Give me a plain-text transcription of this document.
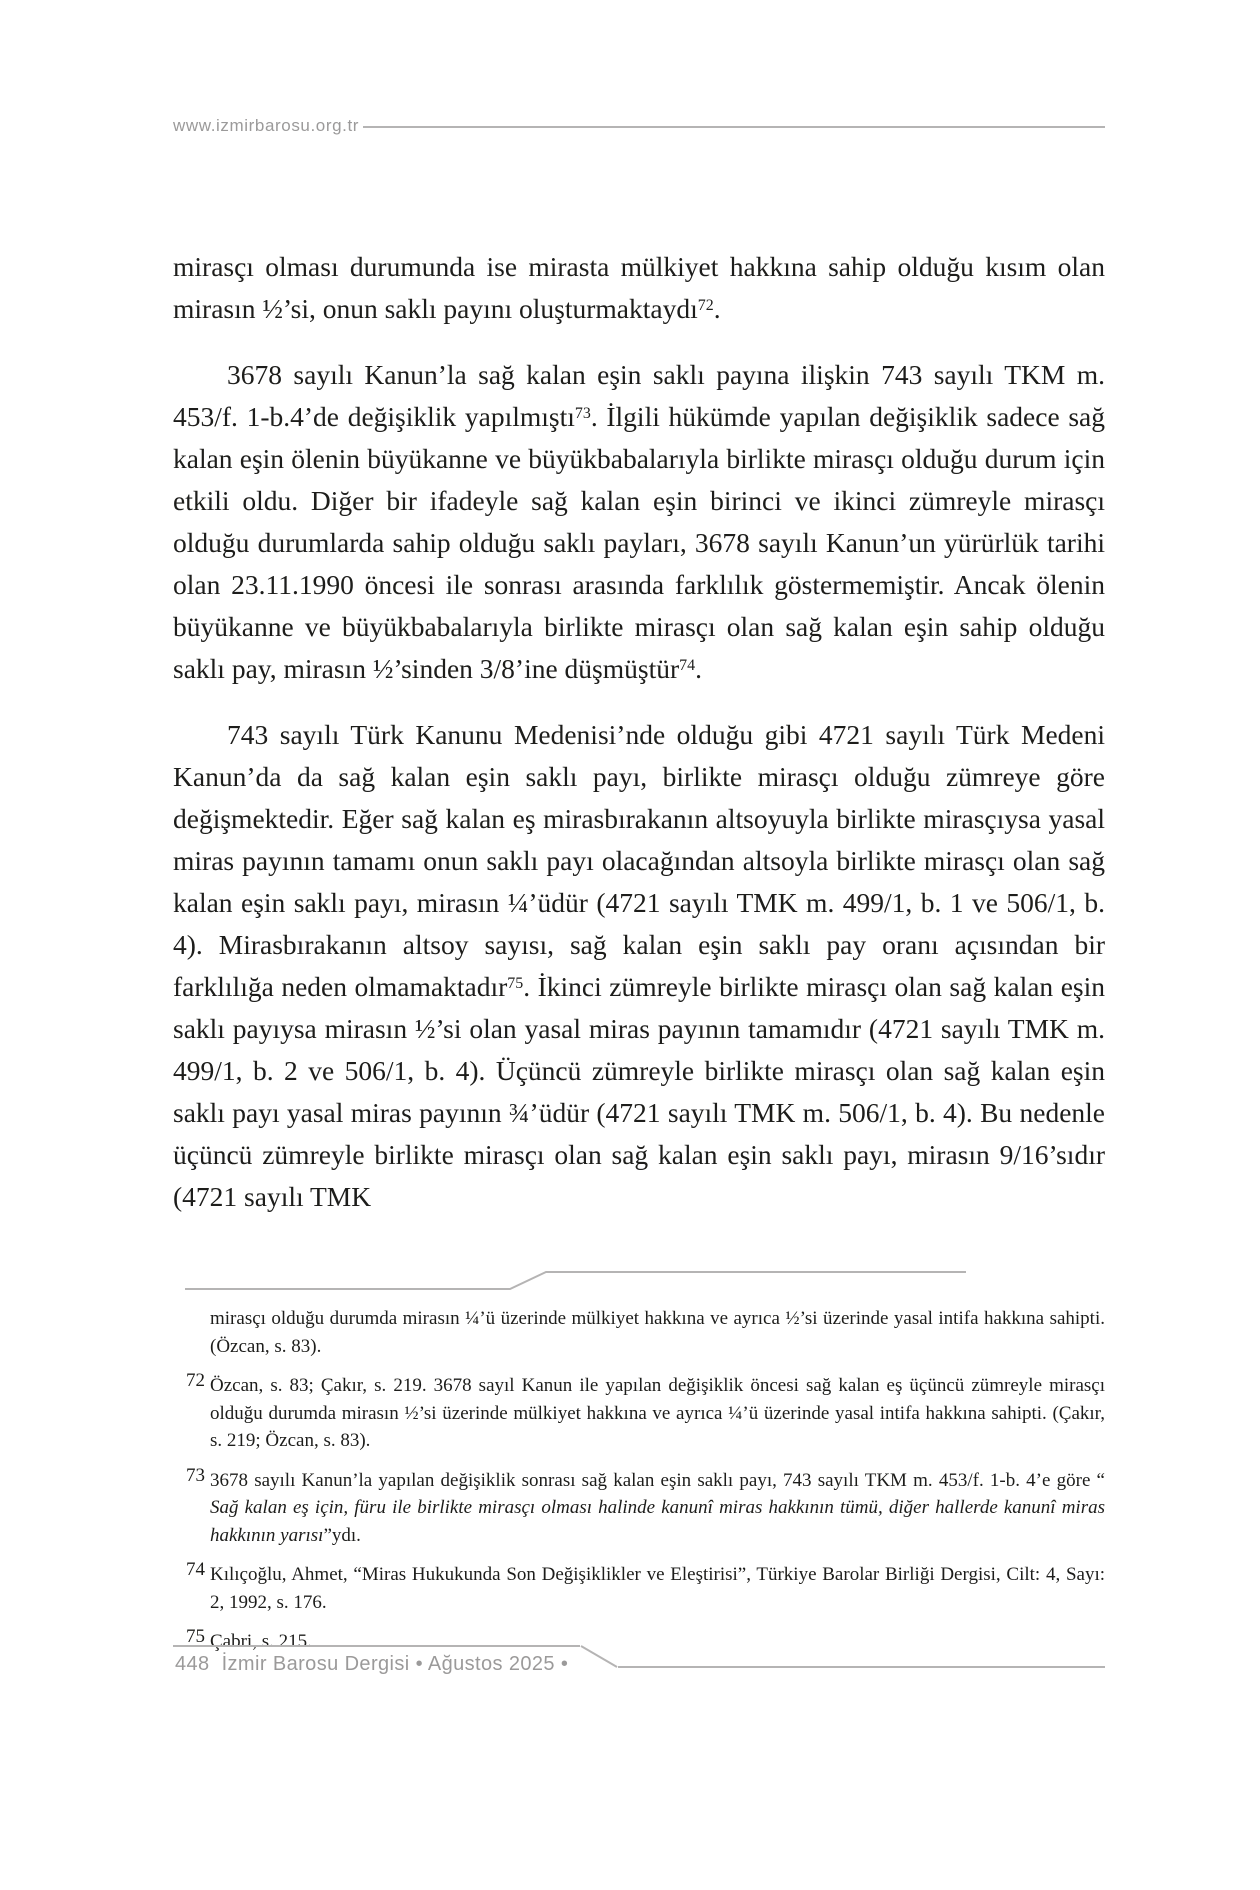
www.izmirbarosu.org.tr

mirasçı olması durumunda ise mirasta mülkiyet hakkına sahip olduğu kısım olan mirasın ½’si, onun saklı payını oluşturmaktaydı$^{72}$.

3678 sayılı Kanun’la sağ kalan eşin saklı payına ilişkin 743 sayılı TKM m. 453/f. 1-b.4’de değişiklik yapılmıştı$^{73}$. İlgili hükümde yapılan değişiklik sadece sağ kalan eşin ölenin büyükanne ve büyükbabalarıyla birlikte mirasçı olduğu durum için etkili oldu. Diğer bir ifadeyle sağ kalan eşin birinci ve ikinci zümreyle mirasçı olduğu durumlarda sahip olduğu saklı payları, 3678 sayılı Kanun’un yürürlük tarihi olan 23.11.1990 öncesi ile sonrası arasında farklılık göstermemiştir. Ancak ölenin büyükanne ve büyükbabalarıyla birlikte mirasçı olan sağ kalan eşin sahip olduğu saklı pay, mirasın ½’sinden 3/8’ine düşmüştür$^{74}$.

743 sayılı Türk Kanunu Medenisi’nde olduğu gibi 4721 sayılı Türk Medeni Kanun’da da sağ kalan eşin saklı payı, birlikte mirasçı olduğu zümreye göre değişmektedir. Eğer sağ kalan eş mirasbırakanın altsoyuyla birlikte mirasçıysa yasal miras payının tamamı onun saklı payı olacağından altsoyla birlikte mirasçı olan sağ kalan eşin saklı payı, mirasın ¼’üdür (4721 sayılı TMK m. 499/1, b. 1 ve 506/1, b. 4). Mirasbırakanın altsoy sayısı, sağ kalan eşin saklı pay oranı açısından bir farklılığa neden olmamaktadır$^{75}$. İkinci zümreyle birlikte mirasçı olan sağ kalan eşin saklı payıysa mirasın ½’si olan yasal miras payının tamamıdır (4721 sayılı TMK m. 499/1, b. 2 ve 506/1, b. 4). Üçüncü zümreyle birlikte mirasçı olan sağ kalan eşin saklı payı yasal miras payının ¾’üdür (4721 sayılı TMK m. 506/1, b. 4). Bu nedenle üçüncü zümreyle birlikte mirasçı olan sağ kalan eşin saklı payı, mirasın 9/16’sıdır (4721 sayılı TMK

mirasçı olduğu durumda mirasın ¼’ü üzerinde mülkiyet hakkına ve ayrıca ½’si üzerinde yasal intifa hakkına sahipti. (Özcan, s. 83).
72 Özcan, s. 83; Çakır, s. 219. 3678 sayıl Kanun ile yapılan değişiklik öncesi sağ kalan eş üçüncü zümreyle mirasçı olduğu durumda mirasın ½’si üzerinde mülkiyet hakkına ve ayrıca ¼’ü üzerinde yasal intifa hakkına sahipti. (Çakır, s. 219; Özcan, s. 83).
73 3678 sayılı Kanun’la yapılan değişiklik sonrası sağ kalan eşin saklı payı, 743 sayılı TKM m. 453/f. 1-b. 4’e göre “ Sağ kalan eş için, füru ile birlikte mirasçı olması halinde kanunî miras hakkının tümü, diğer hallerde kanunî miras hakkının yarısı”ydı.
74 Kılıçoğlu, Ahmet, “Miras Hukukunda Son Değişiklikler ve Eleştirisi”, Türkiye Barolar Birliği Dergisi, Cilt: 4, Sayı: 2, 1992, s. 176.
75 Çabri, s. 215.
448 İzmir Barosu Dergisi • Ağustos 2025 •
